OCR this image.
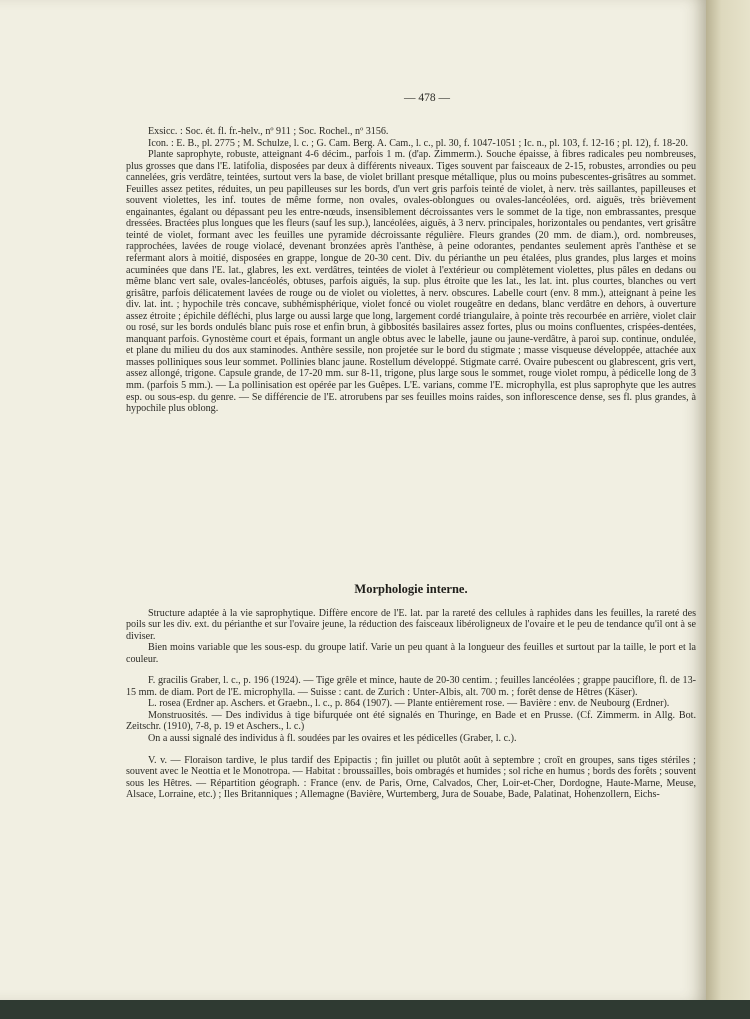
— 478 —

Exsicc. : Soc. ét. fl. fr.-helv., nº 911 ; Soc. Rochel., nº 3156.

Icon. : E. B., pl. 2775 ; M. Schulze, l. c. ; G. Cam. Berg. A. Cam., l. c., pl. 30, f. 1047-1051 ; Ic. n., pl. 103, f. 12-16 ; pl. 12), f. 18-20.

Plante saprophyte, robuste, atteignant 4-6 décim., parfois 1 m. (d'ap. Zimmerm.). Souche épaisse, à fibres radicales peu nombreuses, plus grosses que dans l'E. latifolia, disposées par deux à différents niveaux. Tiges souvent par faisceaux de 2-15, robustes, arrondies ou peu cannelées, gris verdâtre, teintées, surtout vers la base, de violet brillant presque métallique, plus ou moins pubescentes-grisâtres au sommet. Feuilles assez petites, réduites, un peu papilleuses sur les bords, d'un vert gris parfois teinté de violet, à nerv. très saillantes, papilleuses et souvent violettes, les inf. toutes de même forme, non ovales, ovales-oblongues ou ovales-lancéolées, ord. aiguës, très brièvement engainantes, égalant ou dépassant peu les entre-nœuds, insensiblement décroissantes vers le sommet de la tige, non embrassantes, presque dressées. Bractées plus longues que les fleurs (sauf les sup.), lancéolées, aiguës, à 3 nerv. principales, horizontales ou pendantes, vert grisâtre teinté de violet, formant avec les feuilles une pyramide décroissante régulière. Fleurs grandes (20 mm. de diam.), ord. nombreuses, rapprochées, lavées de rouge violacé, devenant bronzées après l'anthèse, à peine odorantes, pendantes seulement après l'anthèse et se refermant alors à moitié, disposées en grappe, longue de 20-30 cent. Div. du périanthe un peu étalées, plus grandes, plus larges et moins acuminées que dans l'E. lat., glabres, les ext. verdâtres, teintées de violet à l'extérieur ou complètement violettes, plus pâles en dedans ou même blanc vert sale, ovales-lancéolés, obtuses, parfois aiguës, la sup. plus étroite que les lat., les lat. int. plus courtes, blanches ou vert grisâtre, parfois délicatement lavées de rouge ou de violet ou violettes, à nerv. obscures. Labelle court (env. 8 mm.), atteignant à peine les div. lat. int. ; hypochile très concave, subhémisphérique, violet foncé ou violet rougeâtre en dedans, blanc verdâtre en dehors, à ouverture assez étroite ; épichile défléchi, plus large ou aussi large que long, largement cordé triangulaire, à pointe très recourbée en arrière, violet clair ou rosé, sur les bords ondulés blanc puis rose et enfin brun, à gibbosités basilaires assez fortes, plus ou moins confluentes, crispées-dentées, manquant parfois. Gynostème court et épais, formant un angle obtus avec le labelle, jaune ou jaune-verdâtre, à paroi sup. continue, ondulée, et plane du milieu du dos aux staminodes. Anthère sessile, non projetée sur le bord du stigmate ; masse visqueuse développée, attachée aux masses polliniques sous leur sommet. Pollinies blanc jaune. Rostellum développé. Stigmate carré. Ovaire pubescent ou glabrescent, gris vert, assez allongé, trigone. Capsule grande, de 17-20 mm. sur 8-11, trigone, plus large sous le sommet, rouge violet rompu, à pédicelle long de 3 mm. (parfois 5 mm.). — La pollinisation est opérée par les Guêpes. L'E. varians, comme l'E. microphylla, est plus saprophyte que les autres esp. ou sous-esp. du genre. — Se différencie de l'E. atrorubens par ses feuilles moins raides, son inflorescence dense, ses fl. plus grandes, à hypochile plus oblong.

Morphologie interne.

Structure adaptée à la vie saprophytique. Diffère encore de l'E. lat. par la rareté des cellules à raphides dans les feuilles, la rareté des poils sur les div. ext. du périanthe et sur l'ovaire jeune, la réduction des faisceaux libéroligneux de l'ovaire et le peu de tendance qu'il ont à se diviser.

Bien moins variable que les sous-esp. du groupe latif. Varie un peu quant à la longueur des feuilles et surtout par la taille, le port et la couleur.

F. gracilis Graber, l. c., p. 196 (1924). — Tige grêle et mince, haute de 20-30 centim. ; feuilles lancéolées ; grappe pauciflore, fl. de 13-15 mm. de diam. Port de l'E. microphylla. — Suisse : cant. de Zurich : Unter-Albis, alt. 700 m. ; forêt dense de Hêtres (Käser).

L. rosea (Erdner ap. Aschers. et Graebn., l. c., p. 864 (1907). — Plante entièrement rose. — Bavière : env. de Neubourg (Erdner).

Monstruosités. — Des individus à tige bifurquée ont été signalés en Thuringe, en Bade et en Prusse. (Cf. Zimmerm. in Allg. Bot. Zeitschr. (1910), 7-8, p. 19 et Aschers., l. c.)

On a aussi signalé des individus à fl. soudées par les ovaires et les pédicelles (Graber, l. c.).

V. v. — Floraison tardive, le plus tardif des Epipactis ; fin juillet ou plutôt août à septembre ; croît en groupes, sans tiges stériles ; souvent avec le Neottia et le Monotropa. — Habitat : broussailles, bois ombragés et humides ; sol riche en humus ; bords des forêts ; souvent sous les Hêtres. — Répartition géograph. : France (env. de Paris, Orne, Calvados, Cher, Loir-et-Cher, Dordogne, Haute-Marne, Meuse, Alsace, Lorraine, etc.) ; Iles Britanniques ; Allemagne (Bavière, Wurtemberg, Jura de Souabe, Bade, Palatinat, Hohenzollern, Eichs-
